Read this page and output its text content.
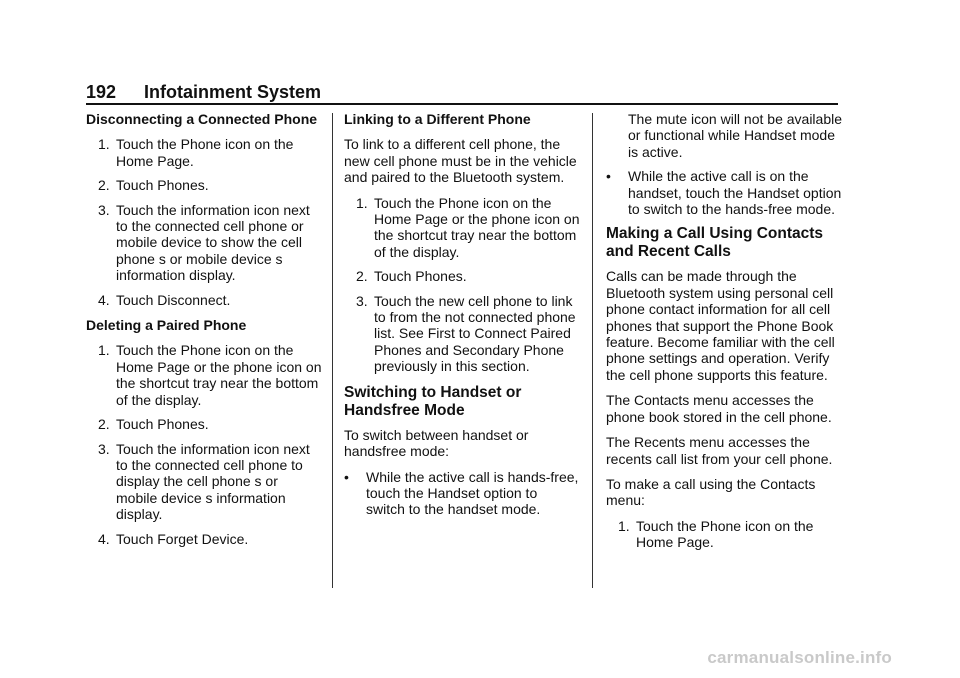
192 Infotainment System
Disconnecting a Connected Phone
1. Touch the Phone icon on the Home Page.
2. Touch Phones.
3. Touch the information icon next to the connected cell phone or mobile device to show the cell phone s or mobile device s information display.
4. Touch Disconnect.
Deleting a Paired Phone
1. Touch the Phone icon on the Home Page or the phone icon on the shortcut tray near the bottom of the display.
2. Touch Phones.
3. Touch the information icon next to the connected cell phone to display the cell phone s or mobile device s information display.
4. Touch Forget Device.
Linking to a Different Phone
To link to a different cell phone, the new cell phone must be in the vehicle and paired to the Bluetooth system.
1. Touch the Phone icon on the Home Page or the phone icon on the shortcut tray near the bottom of the display.
2. Touch Phones.
3. Touch the new cell phone to link to from the not connected phone list. See First to Connect Paired Phones and Secondary Phone previously in this section.
Switching to Handset or Handsfree Mode
To switch between handset or handsfree mode:
• While the active call is hands-free, touch the Handset option to switch to the handset mode.
The mute icon will not be available or functional while Handset mode is active.
• While the active call is on the handset, touch the Handset option to switch to the hands-free mode.
Making a Call Using Contacts and Recent Calls
Calls can be made through the Bluetooth system using personal cell phone contact information for all cell phones that support the Phone Book feature. Become familiar with the cell phone settings and operation. Verify the cell phone supports this feature.
The Contacts menu accesses the phone book stored in the cell phone.
The Recents menu accesses the recents call list from your cell phone.
To make a call using the Contacts menu:
1. Touch the Phone icon on the Home Page.
carmanualsonline.info
